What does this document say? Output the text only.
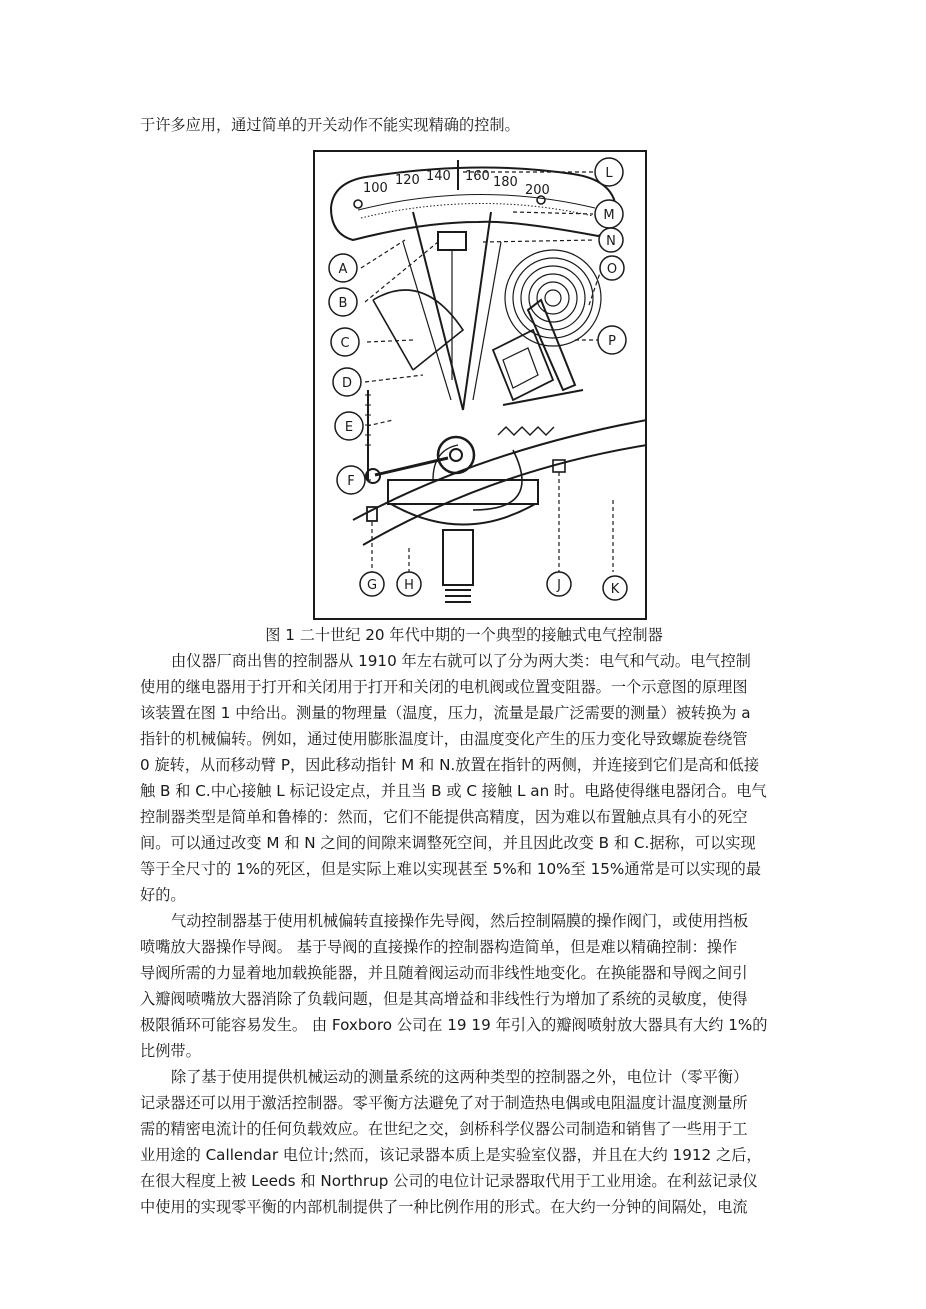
于许多应用，通过简单的开关动作不能实现精确的控制。
100
120 140 160 180
200
L
M
N
O
P
A
B
C
D
E
F
G H	J	K
图 1 二十世纪 20 年代中期的一个典型的接触式电气控制器
由仪器厂商出售的控制器从 1910 年左右就可以了分为两大类：电气和气动。电气控制
使用的继电器用于打开和关闭用于打开和关闭的电机阀或位置变阻器。一个示意图的原理图
该装置在图 1 中给出。测量的物理量（温度，压力，流量是最广泛需要的测量）被转换为 a
指针的机械偏转。例如，通过使用膨胀温度计，由温度变化产生的压力变化导致螺旋卷绕管
0 旋转，从而移动臂 P，因此移动指针 M 和 N.放置在指针的两侧，并连接到它们是高和低接
触 B 和 C.中心接触 L 标记设定点，并且当 B 或 C 接触 L an 时。电路使得继电器闭合。电气
控制器类型是简单和鲁棒的：然而，它们不能提供高精度，因为难以布置触点具有小的死空
间。可以通过改变 M 和 N 之间的间隙来调整死空间，并且因此改变 B 和 C.据称，可以实现
等于全尺寸的 1%的死区，但是实际上难以实现甚至 5%和 10%至 15%通常是可以实现的最
好的。
气动控制器基于使用机械偏转直接操作先导阀，然后控制隔膜的操作阀门，或使用挡板
喷嘴放大器操作导阀。 基于导阀的直接操作的控制器构造简单，但是难以精确控制：操作
导阀所需的力显着地加载换能器，并且随着阀运动而非线性地变化。在换能器和导阀之间引
入瓣阀喷嘴放大器消除了负载问题，但是其高增益和非线性行为增加了系统的灵敏度，使得
极限循环可能容易发生。 由 Foxboro 公司在 19 19 年引入的瓣阀喷射放大器具有大约 1%的
比例带。
除了基于使用提供机械运动的测量系统的这两种类型的控制器之外，电位计（零平衡）
记录器还可以用于激活控制器。零平衡方法避免了对于制造热电偶或电阻温度计温度测量所
需的精密电流计的任何负载效应。在世纪之交，剑桥科学仪器公司制造和销售了一些用于工
业用途的 Callendar 电位计;然而，该记录器本质上是实验室仪器，并且在大约 1912 之后，
在很大程度上被 Leeds 和 Northrup 公司的电位计记录器取代用于工业用途。在利兹记录仪
中使用的实现零平衡的内部机制提供了一种比例作用的形式。在大约一分钟的间隔处，电流
